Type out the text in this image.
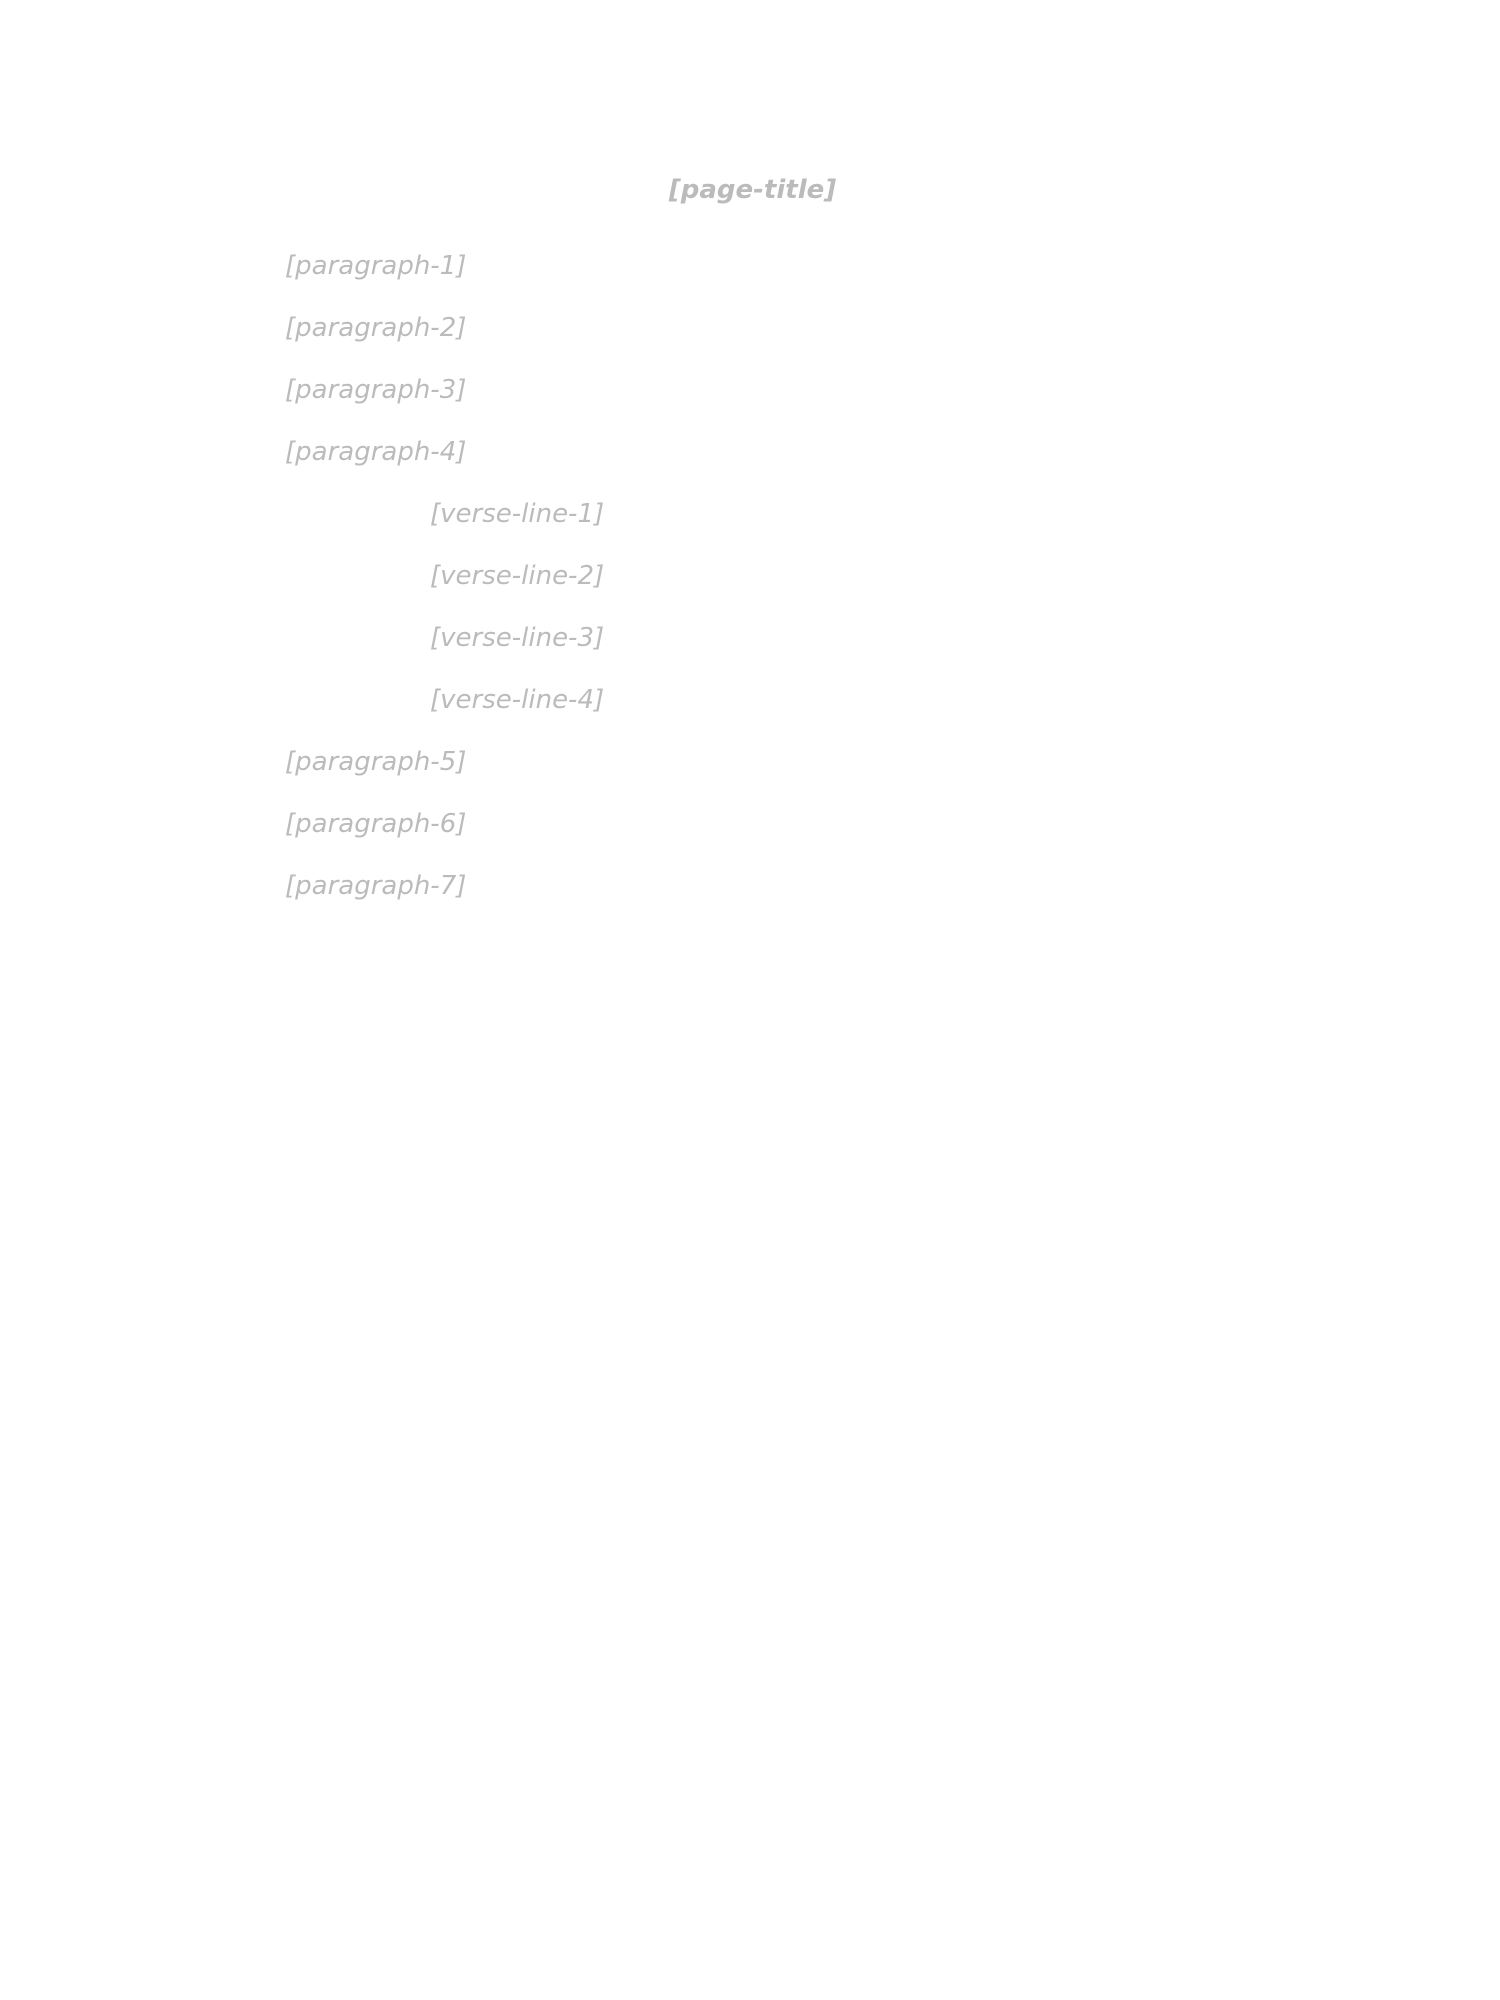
[page-title]

[paragraph-1]

[paragraph-2]

[paragraph-3]

[paragraph-4]

[verse-line-1]
[verse-line-2]
[verse-line-3]
[verse-line-4]

[paragraph-5]

[paragraph-6]

[paragraph-7]
